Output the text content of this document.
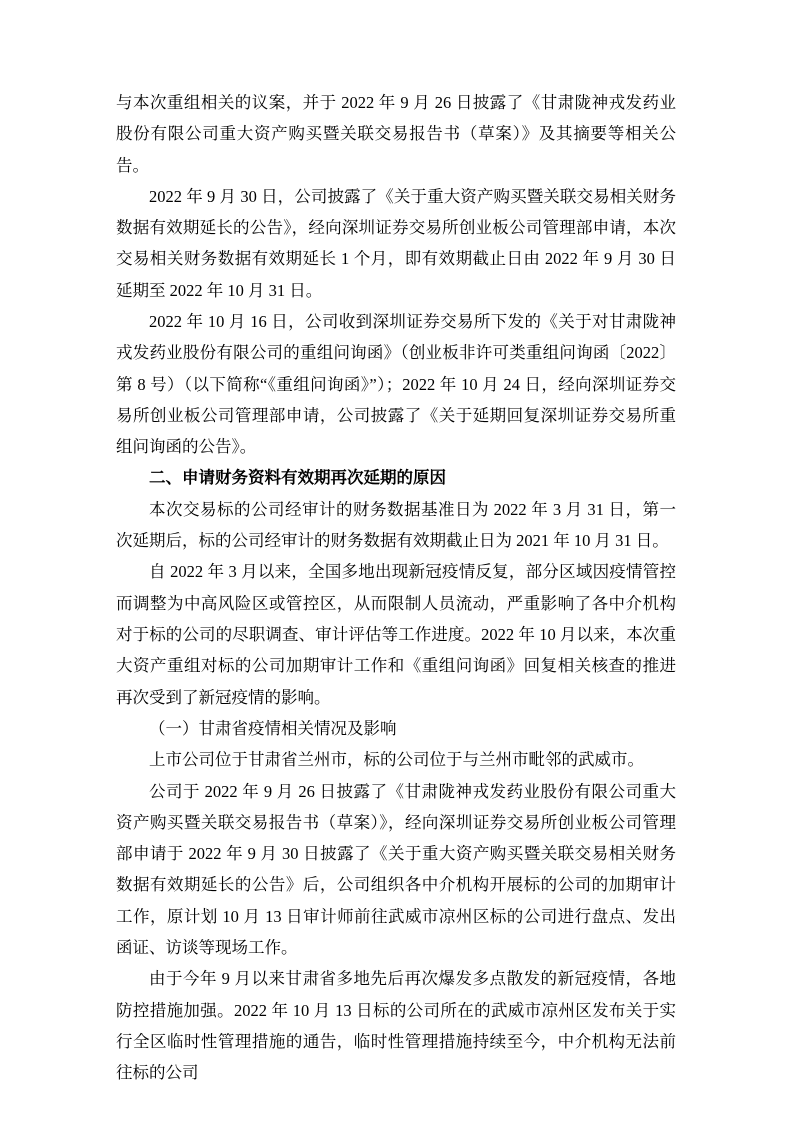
与本次重组相关的议案，并于 2022 年 9 月 26 日披露了《甘肃陇神戎发药业股份有限公司重大资产购买暨关联交易报告书（草案）》及其摘要等相关公告。

2022 年 9 月 30 日，公司披露了《关于重大资产购买暨关联交易相关财务数据有效期延长的公告》，经向深圳证券交易所创业板公司管理部申请，本次交易相关财务数据有效期延长 1 个月，即有效期截止日由 2022 年 9 月 30 日延期至 2022 年 10 月 31 日。

2022 年 10 月 16 日，公司收到深圳证券交易所下发的《关于对甘肃陇神戎发药业股份有限公司的重组问询函》（创业板非许可类重组问询函〔2022〕第 8 号）（以下简称“《重组问询函》”）；2022 年 10 月 24 日，经向深圳证券交易所创业板公司管理部申请，公司披露了《关于延期回复深圳证券交易所重组问询函的公告》。

二、申请财务资料有效期再次延期的原因

本次交易标的公司经审计的财务数据基准日为 2022 年 3 月 31 日，第一次延期后，标的公司经审计的财务数据有效期截止日为 2021 年 10 月 31 日。

自 2022 年 3 月以来，全国多地出现新冠疫情反复，部分区域因疫情管控而调整为中高风险区或管控区，从而限制人员流动，严重影响了各中介机构对于标的公司的尽职调查、审计评估等工作进度。2022 年 10 月以来，本次重大资产重组对标的公司加期审计工作和《重组问询函》回复相关核查的推进再次受到了新冠疫情的影响。

（一）甘肃省疫情相关情况及影响

上市公司位于甘肃省兰州市，标的公司位于与兰州市毗邻的武威市。

公司于 2022 年 9 月 26 日披露了《甘肃陇神戎发药业股份有限公司重大资产购买暨关联交易报告书（草案）》，经向深圳证券交易所创业板公司管理部申请于 2022 年 9 月 30 日披露了《关于重大资产购买暨关联交易相关财务数据有效期延长的公告》后，公司组织各中介机构开展标的公司的加期审计工作，原计划 10 月 13 日审计师前往武威市凉州区标的公司进行盘点、发出函证、访谈等现场工作。

由于今年 9 月以来甘肃省多地先后再次爆发多点散发的新冠疫情，各地防控措施加强。2022 年 10 月 13 日标的公司所在的武威市凉州区发布关于实行全区临时性管理措施的通告，临时性管理措施持续至今，中介机构无法前往标的公司
